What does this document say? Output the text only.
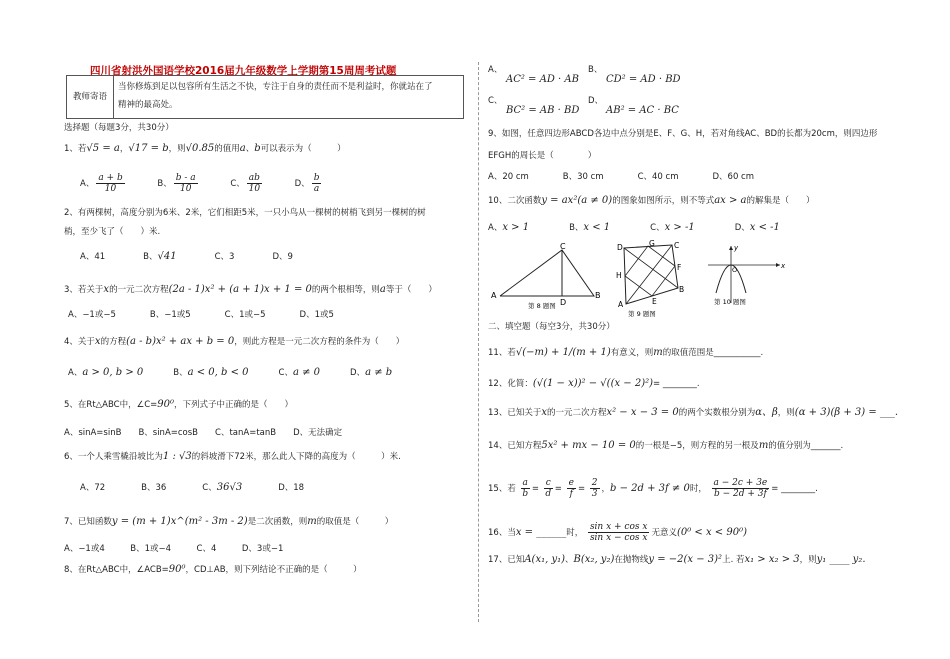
四川省射洪外国语学校2016届九年级数学上学期第15周周考试题
教师寄语	当你修炼到足以包容所有生活之不快，专注于自身的责任而不是利益时，你就站在了
精神的最高处。
选择题（每题3分，共30分）
1、若√5 = a，√17 = b，则√0.85的值用a、b可以表示为（　　　）
A、 $\frac{a + b}{10}$	B、 $\frac{b - a}{10}$	C、 $\frac{ab}{10}$	D、 $\frac{b}{a}$
2、有两棵树，高度分别为6米、2米，它们相距5米，一只小鸟从一棵树的树梢飞到另一棵树的树
梢，至少飞了（　　）米.
A、41	B、√41	C、3	D、9
3、若关于x的一元二次方程(2a - 1)x² + (a + 1)x + 1 = 0的两个根相等，则a等于（　　）
A、−1或−5　　　　B、−1或5　　　　C、1或−5　　　　D、1或5
4、关于x的方程(a - b)x² + ax + b = 0，则此方程是一元二次方程的条件为（　　）
A、a > 0, b > 0	B、a < 0, b < 0	C、a ≠ 0	D、a ≠ b
5、在Rt△ABC中，∠C=90⁰，下列式子中正确的是（　　）
A、sinA=sinB　　B、sinA=cosB　　C、tanA=tanB　　D、无法确定
6、一个人乘雪橇沿坡比为1 : √3的斜坡滑下72米，那么此人下降的高度为（　　　）米.
A、72	B、36	C、36√3	D、18
7、已知函数y = (m + 1)x^(m² - 3m - 2)是二次函数，则m的取值是（　　　）
A、−1或4　　　B、1或−4　　　C、4　　　D、3或−1
8、在Rt△ABC中，∠ACB=90⁰，CD⊥AB，则下列结论不正确的是（　　　）
A、
AC² = AD · AB
B、
CD² = AD · BD
C、
BC² = AB · BD
D、
AB² = AC · BC
9、如图，任意四边形ABCD各边中点分别是E、F、G、H，若对角线AC、BD的长都为20cm，则四边形
EFGH的周长是（　　　　）
A、20 cm　　　　B、30 cm　　　　C、40 cm　　　　D、60 cm
10、二次函数y = ax²(a ≠ 0)的图象如图所示，则不等式ax > a的解集是（　　）
A、x > 1	B、x < 1	C、x > -1	D、x < -1
A	B
C
D
第 8 题图
D	G	C
F
B
E
A
H
第 9 题图
x
y
O
第 10 题图
二、填空题（每空3分，共30分）
11、若√(−m) + 1/(m + 1)有意义，则m的取值范围是___________.
12、化简：(√(1 − x))² − √((x − 2)²)= ________.
13、已知关于x的一元二次方程x² − x − 3 = 0的两个实数根分别为α、β，则(α + 3)(β + 3) = ___.
14、已知方程5x² + mx − 10 = 0的一根是−5，则方程的另一根及m的值分别为_______.
15、若 $\frac{a}{b} = \frac{c}{d} = \frac{e}{f} = \frac{2}{3}$ ，b − 2d + 3f ≠ 0时， $\frac{a - 2c + 3e}{b - 2d + 3f}$ = ________.
16、当x = ______时， $\frac{\text{sin x + cos x}}{\text{sin x − cos x}}$ 无意义(0⁰ < x < 90⁰)
17、已知A(x₁, y₁)、B(x₂, y₂)在抛物线y = −2(x − 3)²上. 若x₁ > x₂ > 3，则y₁ ____ y₂.
